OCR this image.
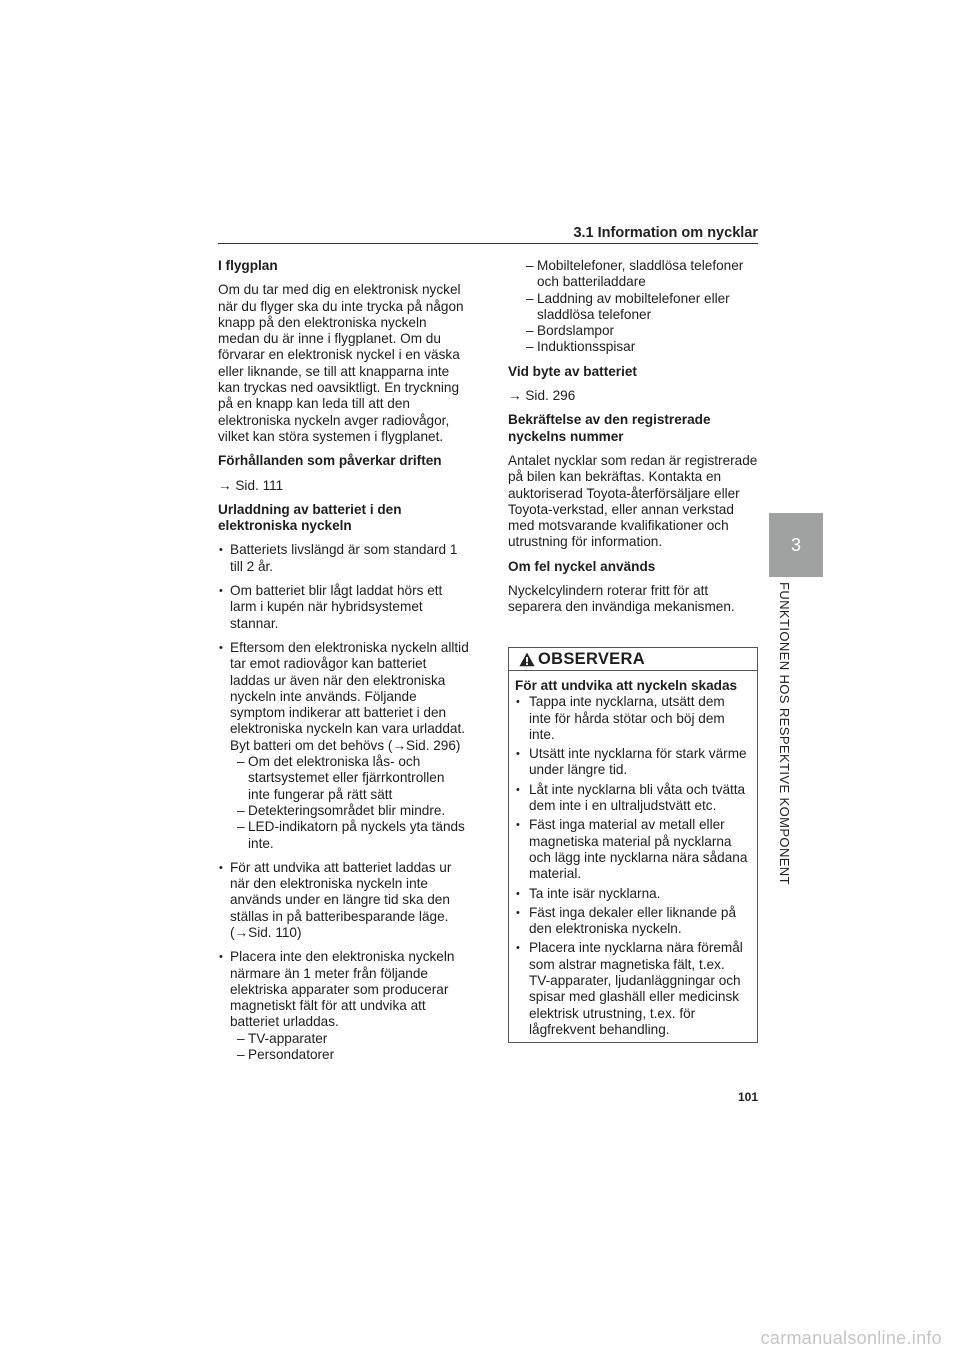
3.1 Information om nycklar
I flygplan
Om du tar med dig en elektronisk nyckel när du flyger ska du inte trycka på någon knapp på den elektroniska nyckeln medan du är inne i flygplanet. Om du förvarar en elektronisk nyckel i en väska eller liknande, se till att knapparna inte kan tryckas ned oavsiktligt. En tryckning på en knapp kan leda till att den elektroniska nyckeln avger radiovågor, vilket kan störa systemen i flygplanet.
Förhållanden som påverkar driften
→ Sid. 111
Urladdning av batteriet i den elektroniska nyckeln
• Batteriets livslängd är som standard 1 till 2 år.
• Om batteriet blir lågt laddat hörs ett larm i kupén när hybridsystemet stannar.
• Eftersom den elektroniska nyckeln alltid tar emot radiovågor kan batteriet laddas ur även när den elektroniska nyckeln inte används. Följande symptom indikerar att batteriet i den elektroniska nyckeln kan vara urladdat. Byt batteri om det behövs (→Sid. 296)
– Om det elektroniska lås- och startsystemet eller fjärrkontrollen inte fungerar på rätt sätt
– Detekteringsområdet blir mindre.
– LED-indikatorn på nyckels yta tänds inte.
• För att undvika att batteriet laddas ur när den elektroniska nyckeln inte används under en längre tid ska den ställas in på batteribesparande läge. (→Sid. 110)
• Placera inte den elektroniska nyckeln närmare än 1 meter från följande elektriska apparater som producerar magnetiskt fält för att undvika att batteriet urladdas.
– TV-apparater
– Persondatorer
– Mobiltelefoner, sladdlösa telefoner och batteriladdare
– Laddning av mobiltelefoner eller sladdlösa telefoner
– Bordslampor
– Induktionsspisar
Vid byte av batteriet
→ Sid. 296
Bekräftelse av den registrerade nyckelns nummer
Antalet nycklar som redan är registrerade på bilen kan bekräftas. Kontakta en auktoriserad Toyota-återförsäljare eller Toyota-verkstad, eller annan verkstad med motsvarande kvalifikationer och utrustning för information.
Om fel nyckel används
Nyckelcylindern roterar fritt för att separera den invändiga mekanismen.
OBSERVERA
För att undvika att nyckeln skadas
• Tappa inte nycklarna, utsätt dem inte för hårda stötar och böj dem inte.
• Utsätt inte nycklarna för stark värme under längre tid.
• Låt inte nycklarna bli våta och tvätta dem inte i en ultraljudstvätt etc.
• Fäst inga material av metall eller magnetiska material på nycklarna och lägg inte nycklarna nära sådana material.
• Ta inte isär nycklarna.
• Fäst inga dekaler eller liknande på den elektroniska nyckeln.
• Placera inte nycklarna nära föremål som alstrar magnetiska fält, t.ex. TV-apparater, ljudanläggningar och spisar med glashäll eller medicinsk elektrisk utrustning, t.ex. för lågfrekvent behandling.
3
FUNKTIONEN HOS RESPEKTIVE KOMPONENT
101
carmanualsonline.info
